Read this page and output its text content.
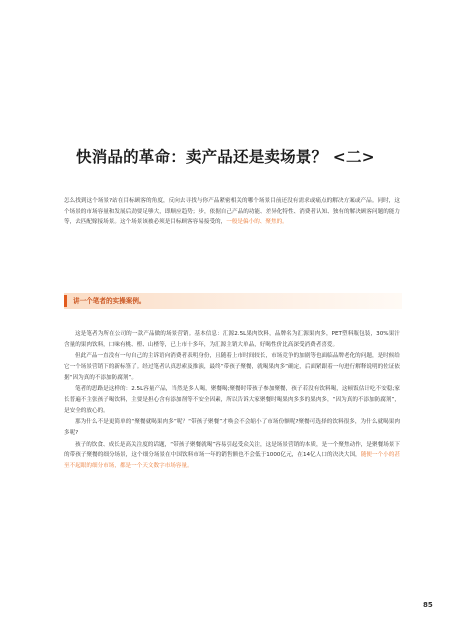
快消品的革命：卖产品还是卖场景？ <二>

怎么找到这个场景?站在目标顾客的角度，反向去寻找与你产品紧密相关的哪个场景目前还没有需求或痛点的解决方案或产品。同时，这个场景的市场容量和发展后劲要足够大，即顺应趋势；步，依据自己产品的功能、差异化特性、消费者认知、独有的解决顾客问题的能力等，去匹配嫁接场景。这个场景该被必须是目标顾客容易接受的，一般是偏小的、聚焦的。

讲一个笔者的实操案例。

这是笔者为所在公司的一款产品做的场景营销。基本信息：汇源2.5L果肉饮料，品牌名为汇源果肉多，PET塑料瓶包装，30%果汁含量的果肉饮料，口味有桃、橙、山楂等，已上市十多年，为汇源主销大单品，好喝性价比高深受消费者喜爱。

但此产品一直没有一句自己的主诉语向消费者表明身份，且随着上市时间较长，市场竞争的加剧等也面临品牌老化的问题，是时候给它一个场景营销下的新标签了。经过笔者认真思索及推演，最终“带孩子聚餐，就喝果肉多”确定，后面紧跟着一句进行解释说明的佐证依据“因为真的不添加防腐剂”。

笔者的思路是这样的：2.5L容量产品，当然是多人喝，聚餐喝;聚餐时带孩子参加聚餐，孩子若没有饮料喝，这顿饭估计吃不安稳;家长普遍不主张孩子喝饮料，主要是担心含有添加剂等不安全因素，所以告诉大家聚餐时喝果肉多多的果肉多，“因为真的不添加防腐剂”，是安全的放心的。

那为什么不是更简单的“聚餐就喝果肉多”呢？“带孩子聚餐”才唤会不会缩小了市场份额呢?聚餐可选择的饮料很多，为什么就喝果肉多呢?

孩子的饮食、成长是高关注度的话题，“带孩子聚餐就喝”容易引起受众关注，这是场景营销的本质，是一个聚焦动作，是聚餐场景下的带孩子聚餐的细分场景，这个细分场景在中国饮料市场一年的销售额也不会低于1000亿元，在14亿人口的决决大国，随便一个小的甚至不起眼的细分市场，都是一个天文数字市场容量。

85
